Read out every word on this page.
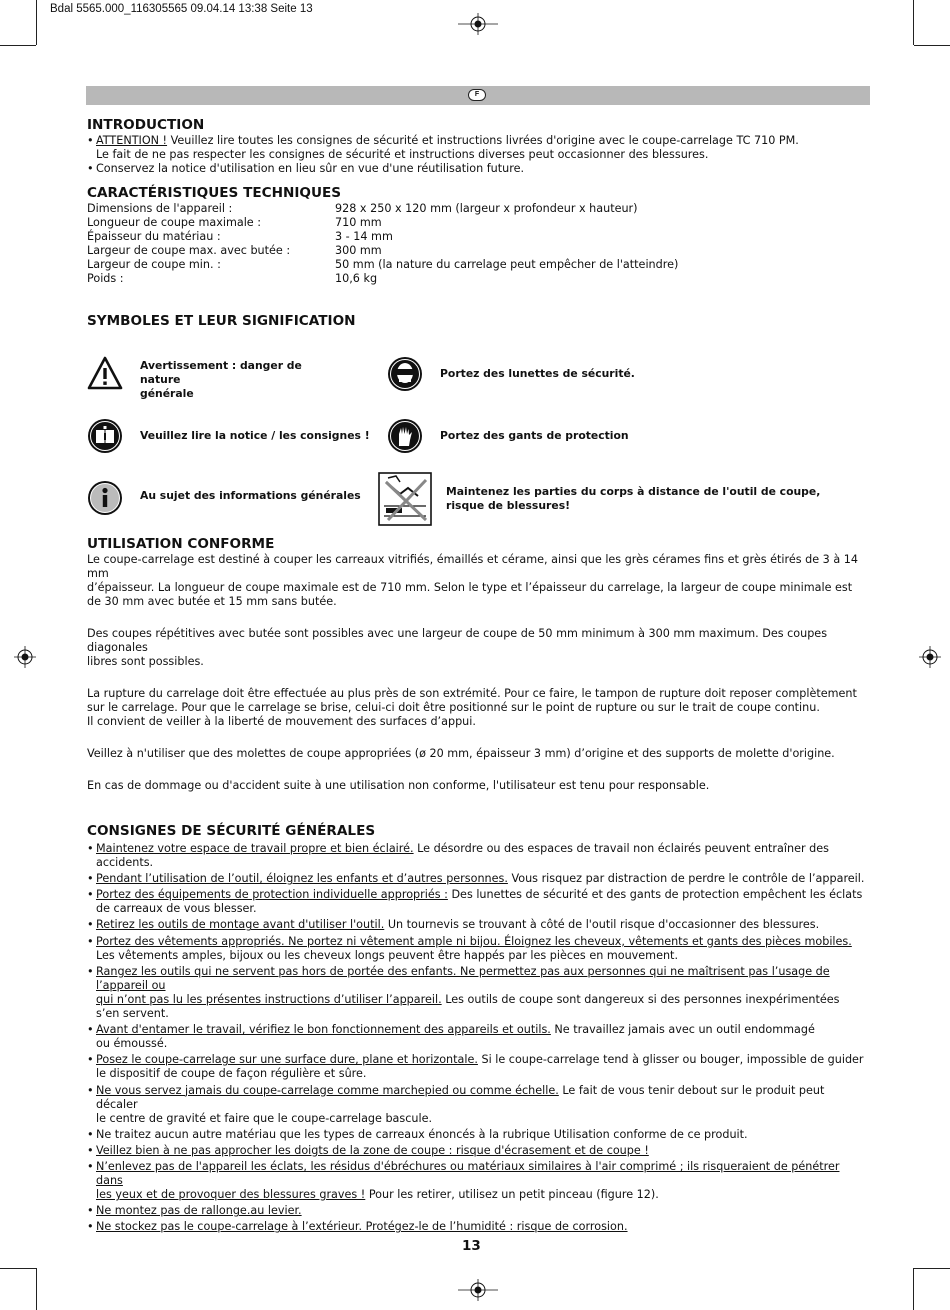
Bdal 5565.000_116305565 09.04.14 13:38 Seite 13
F
INTRODUCTION
• ATTENTION ! Veuillez lire toutes les consignes de sécurité et instructions livrées d'origine avec le coupe-carrelage TC 710 PM.
Le fait de ne pas respecter les consignes de sécurité et instructions diverses peut occasionner des blessures.
• Conservez la notice d'utilisation en lieu sûr en vue d'une réutilisation future.
CARACTÉRISTIQUES TECHNIQUES
Dimensions de l'appareil :	928 x 250 x 120 mm (largeur x profondeur x hauteur)
Longueur de coupe maximale :	710 mm
Épaisseur du matériau :	3 - 14 mm
Largeur de coupe max. avec butée :	300 mm
Largeur de coupe min. :	50 mm (la nature du carrelage peut empêcher de l'atteindre)
Poids :	10,6 kg
SYMBOLES ET LEUR SIGNIFICATION
UTILISATION CONFORME
Le coupe-carrelage est destiné à couper les carreaux vitrifiés, émaillés et cérame, ainsi que les grès cérames fins et grès étirés de 3 à 14 mm
d’épaisseur. La longueur de coupe maximale est de 710 mm. Selon le type et l’épaisseur du carrelage, la largeur de coupe minimale est
de 30 mm avec butée et 15 mm sans butée.
Des coupes répétitives avec butée sont possibles avec une largeur de coupe de 50 mm minimum à 300 mm maximum. Des coupes diagonales
libres sont possibles.
La rupture du carrelage doit être effectuée au plus près de son extrémité. Pour ce faire, le tampon de rupture doit reposer complètement
sur le carrelage. Pour que le carrelage se brise, celui-ci doit être positionné sur le point de rupture ou sur le trait de coupe continu.
Il convient de veiller à la liberté de mouvement des surfaces d’appui.
Veillez à n'utiliser que des molettes de coupe appropriées (ø 20 mm, épaisseur 3 mm) d’origine et des supports de molette d'origine.
En cas de dommage ou d'accident suite à une utilisation non conforme, l'utilisateur est tenu pour responsable.
CONSIGNES DE SÉCURITÉ GÉNÉRALES
• Maintenez votre espace de travail propre et bien éclairé. Le désordre ou des espaces de travail non éclairés peuvent entraîner des accidents.
• Pendant l’utilisation de l’outil, éloignez les enfants et d’autres personnes. Vous risquez par distraction de perdre le contrôle de l’appareil.
• Portez des équipements de protection individuelle appropriés : Des lunettes de sécurité et des gants de protection empêchent les éclats
de carreaux de vous blesser.
• Retirez les outils de montage avant d'utiliser l'outil. Un tournevis se trouvant à côté de l'outil risque d'occasionner des blessures.
• Portez des vêtements appropriés. Ne portez ni vêtement ample ni bijou. Éloignez les cheveux, vêtements et gants des pièces mobiles.
Les vêtements amples, bijoux ou les cheveux longs peuvent être happés par les pièces en mouvement.
• Rangez les outils qui ne servent pas hors de portée des enfants. Ne permettez pas aux personnes qui ne maîtrisent pas l’usage de l’appareil ou
qui n’ont pas lu les présentes instructions d’utiliser l’appareil. Les outils de coupe sont dangereux si des personnes inexpérimentées
s’en servent.
• Avant d'entamer le travail, vérifiez le bon fonctionnement des appareils et outils. Ne travaillez jamais avec un outil endommagé
ou émoussé.
• Posez le coupe-carrelage sur une surface dure, plane et horizontale. Si le coupe-carrelage tend à glisser ou bouger, impossible de guider
le dispositif de coupe de façon régulière et sûre.
• Ne vous servez jamais du coupe-carrelage comme marchepied ou comme échelle. Le fait de vous tenir debout sur le produit peut décaler
le centre de gravité et faire que le coupe-carrelage bascule.
• Ne traitez aucun autre matériau que les types de carreaux énoncés à la rubrique Utilisation conforme de ce produit.
• Veillez bien à ne pas approcher les doigts de la zone de coupe : risque d'écrasement et de coupe !
• N’enlevez pas de l'appareil les éclats, les résidus d'ébréchures ou matériaux similaires à l'air comprimé ; ils risqueraient de pénétrer dans
les yeux et de provoquer des blessures graves ! Pour les retirer, utilisez un petit pinceau (figure 12).
• Ne montez pas de rallonge.au levier.
• Ne stockez pas le coupe-carrelage à l’extérieur. Protégez-le de l’humidité : risque de corrosion.
Avertissement : danger de nature
générale
Veuillez lire la notice / les consignes !
Au sujet des informations générales
Portez des lunettes de sécurité.
Portez des gants de protection
Maintenez les parties du corps à distance de l'outil de coupe,
risque de blessures!
13
